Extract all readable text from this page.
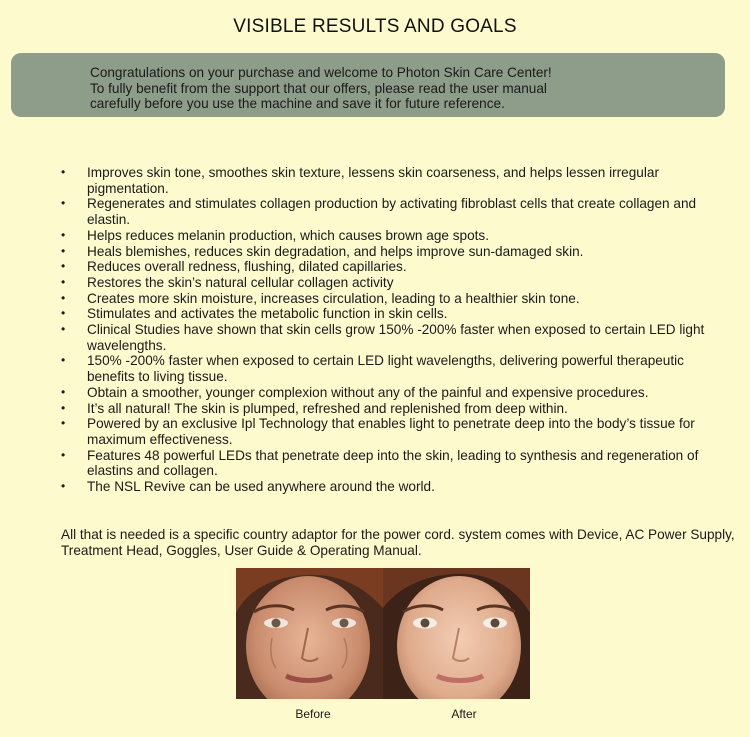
VISIBLE RESULTS AND GOALS
Congratulations on your purchase and welcome to Photon Skin Care Center!
To fully benefit from the support that our offers, please read the user manual
carefully before you use the machine and save it for future reference.
• Improves skin tone, smoothes skin texture, lessens skin coarseness, and helps lessen irregular pigmentation.
• Regenerates and stimulates collagen production by activating fibroblast cells that create collagen and elastin.
• Helps reduces melanin production, which causes brown age spots.
• Heals blemishes, reduces skin degradation, and helps improve sun-damaged skin.
• Reduces overall redness, flushing, dilated capillaries.
• Restores the skin’s natural cellular collagen activity
• Creates more skin moisture, increases circulation, leading to a healthier skin tone.
• Stimulates and activates the metabolic function in skin cells.
• Clinical Studies have shown that skin cells grow 150% -200% faster when exposed to certain LED light wavelengths.
• 150% -200% faster when exposed to certain LED light wavelengths, delivering powerful therapeutic benefits to living tissue.
• Obtain a smoother, younger complexion without any of the painful and expensive procedures.
• It’s all natural! The skin is plumped, refreshed and replenished from deep within.
• Powered by an exclusive Ipl Technology that enables light to penetrate deep into the body’s tissue for maximum effectiveness.
• Features 48 powerful LEDs that penetrate deep into the skin, leading to synthesis and regeneration of elastins and collagen.
• The NSL Revive can be used anywhere around the world.
All that is needed is a specific country adaptor for the power cord. system comes with Device, AC Power Supply, Treatment Head, Goggles, User Guide & Operating Manual.
Before	After
